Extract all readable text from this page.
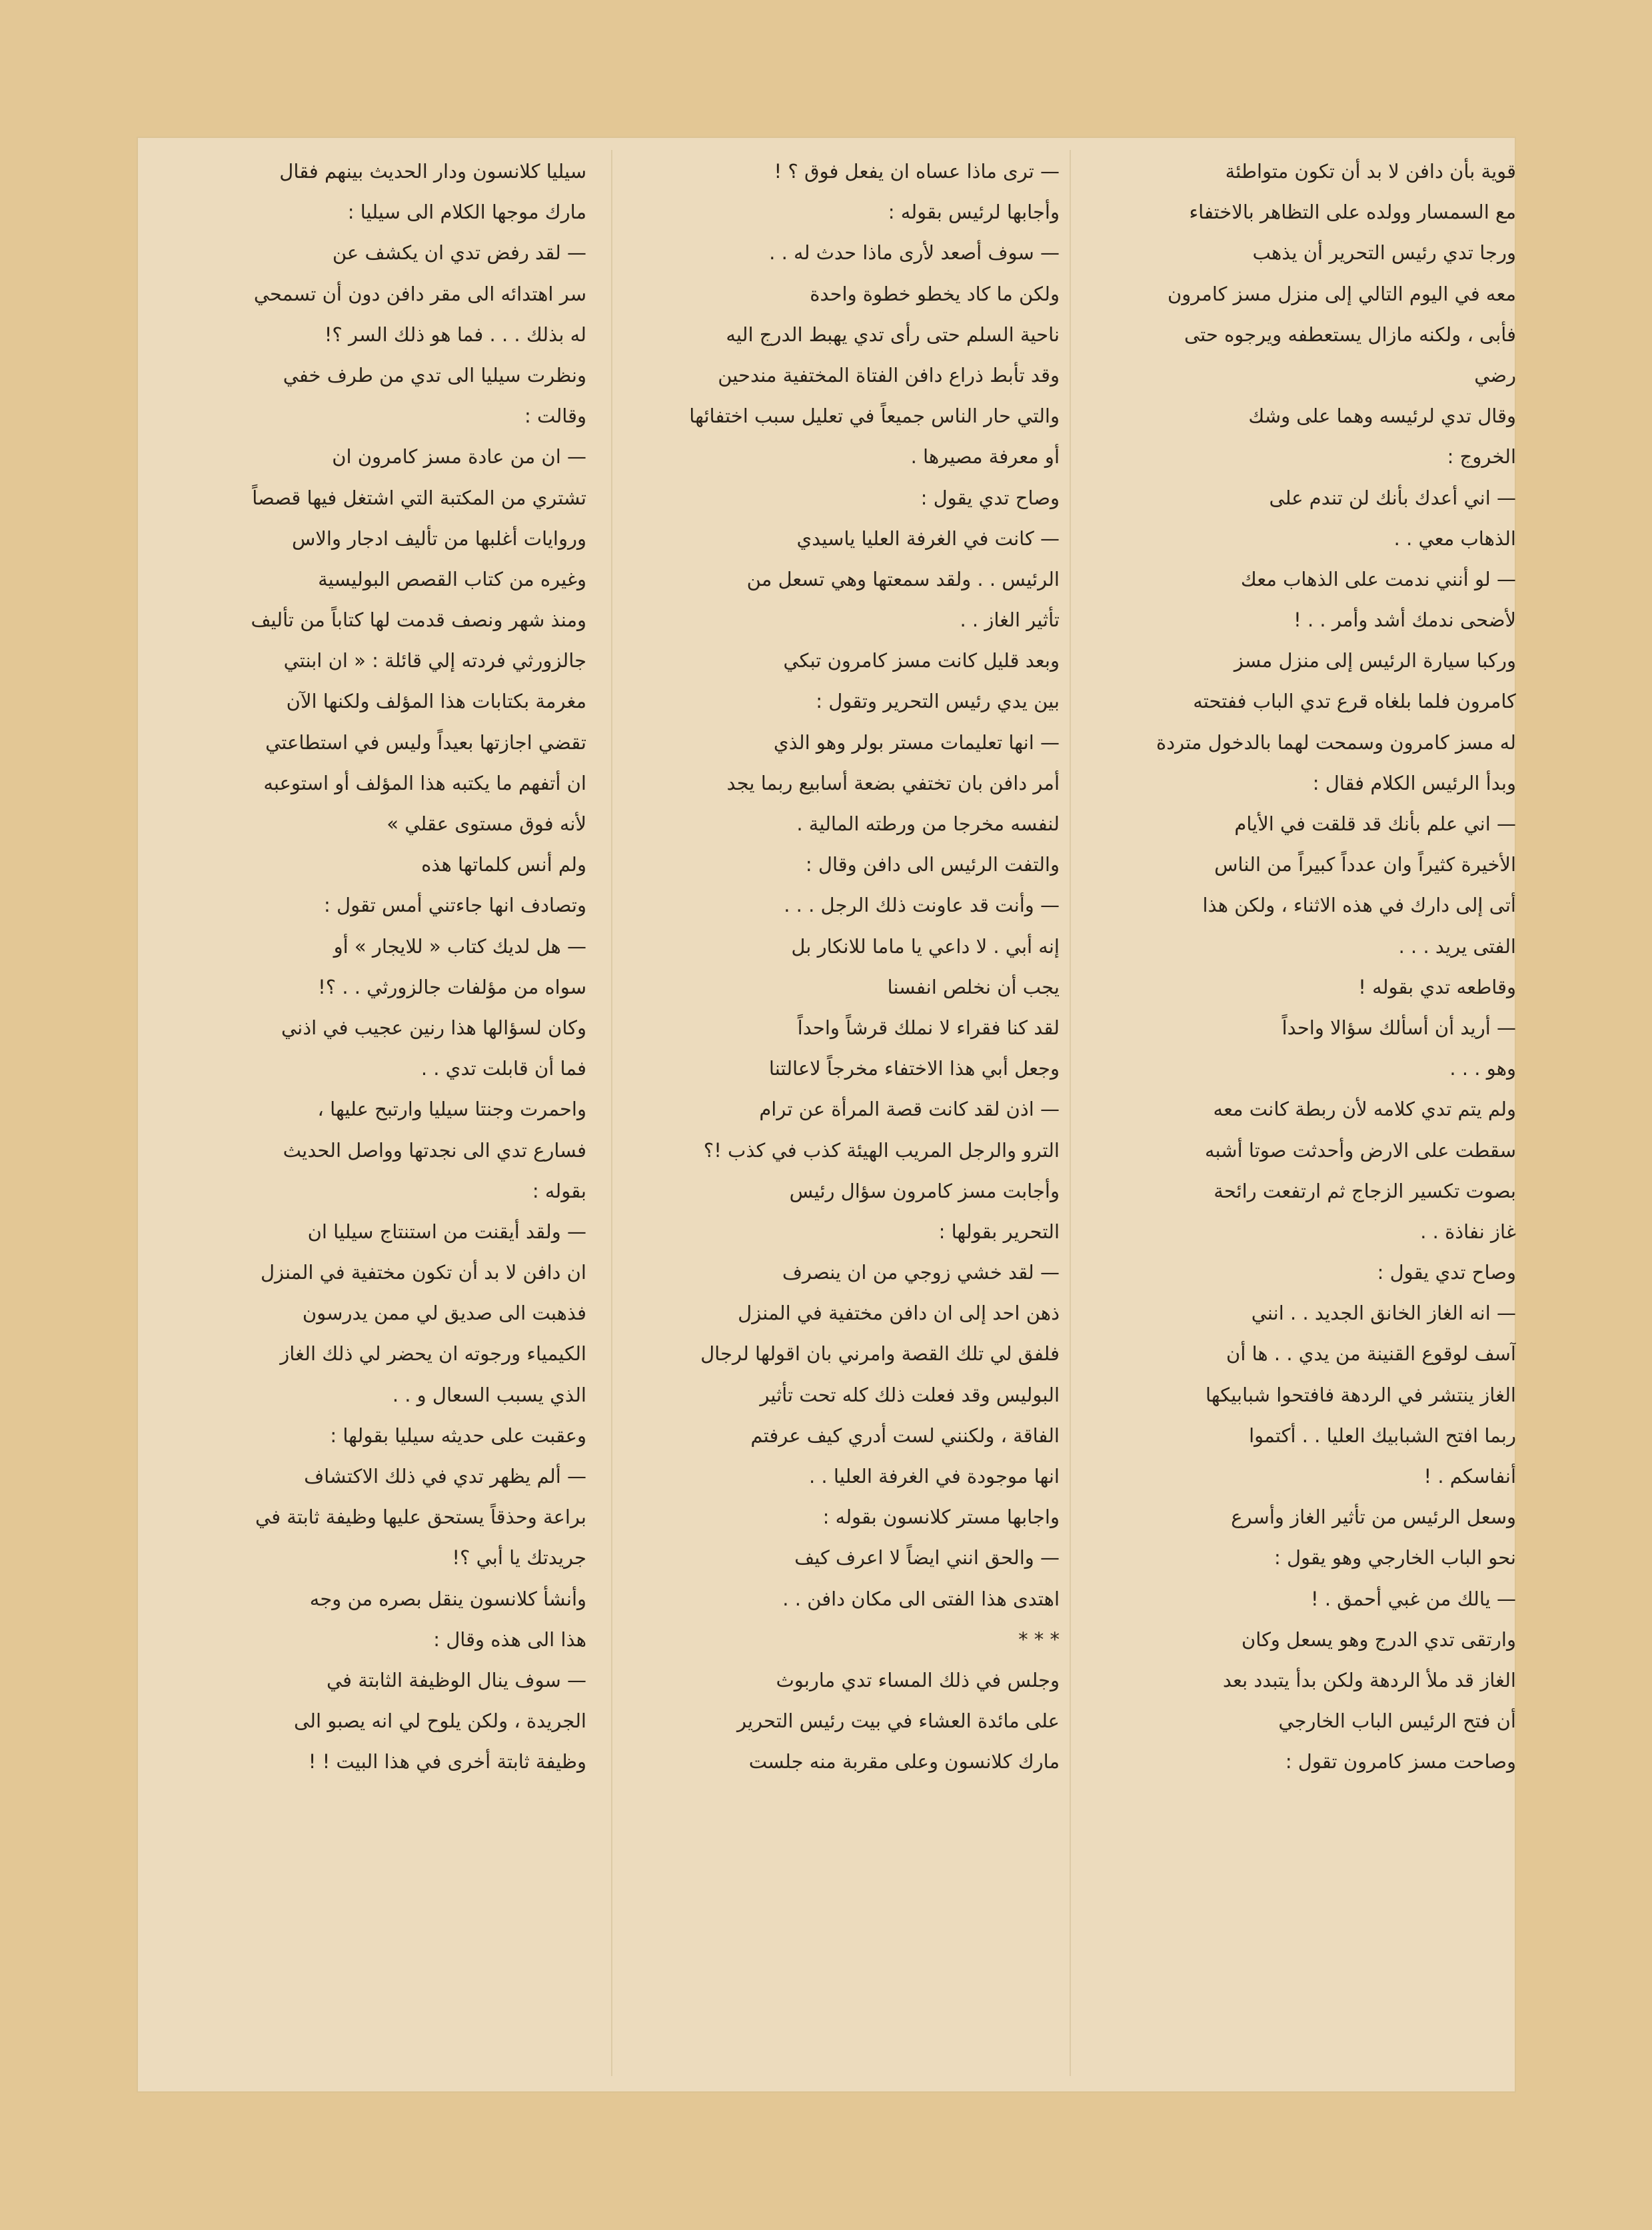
قوية بأن دافن لا بد أن تكون متواطئة
مع السمسار وولده على التظاهر بالاختفاء
ورجا تدي رئيس التحرير أن يذهب
معه في اليوم التالي إلى منزل مسز كامرون
فأبى ، ولكنه مازال يستعطفه ويرجوه حتى
رضي
وقال تدي لرئيسه وهما على وشك
الخروج :
— اني أعدك بأنك لن تندم على
الذهاب معي . .
— لو أنني ندمت على الذهاب معك
لأضحى ندمك أشد وأمر . . !
وركبا سيارة الرئيس إلى منزل مسز
كامرون فلما بلغاه قرع تدي الباب ففتحته
له مسز كامرون وسمحت لهما بالدخول متردة
وبدأ الرئيس الكلام فقال :
— اني علم بأنك قد قلقت في الأيام
الأخيرة كثيراً وان عدداً كبيراً من الناس
أتى إلى دارك في هذه الاثناء ، ولكن هذا
الفتى يريد . . .
وقاطعه تدي بقوله !
— أريد أن أسألك سؤالا واحداً
وهو . . .
ولم يتم تدي كلامه لأن ربطة كانت معه
سقطت على الارض وأحدثت صوتا أشبه
بصوت تكسير الزجاج ثم ارتفعت رائحة
غاز نفاذة . .
وصاح تدي يقول :
— انه الغاز الخانق الجديد . . انني
آسف لوقوع القنينة من يدي . . ها أن
الغاز ينتشر في الردهة فافتحوا شبابيكها
ربما افتح الشبابيك العليا . . أكتموا
أنفاسكم . !
وسعل الرئيس من تأثير الغاز وأسرع
نحو الباب الخارجي وهو يقول :
— يالك من غبي أحمق . !
وارتقى تدي الدرج وهو يسعل وكان
الغاز قد ملأ الردهة ولكن بدأ يتبدد بعد
أن فتح الرئيس الباب الخارجي
وصاحت مسز كامرون تقول :
— ترى ماذا عساه ان يفعل فوق ؟ !
وأجابها لرئيس بقوله :
— سوف أصعد لأرى ماذا حدث له . .
ولكن ما كاد يخطو خطوة واحدة
ناحية السلم حتى رأى تدي يهبط الدرج اليه
وقد تأبط ذراع دافن الفتاة المختفية مندحين
والتي حار الناس جميعاً في تعليل سبب اختفائها
أو معرفة مصيرها .
وصاح تدي يقول :
— كانت في الغرفة العليا ياسيدي
الرئيس . . ولقد سمعتها وهي تسعل من
تأثير الغاز . .
وبعد قليل كانت مسز كامرون تبكي
بين يدي رئيس التحرير وتقول :
— انها تعليمات مستر بولر وهو الذي
أمر دافن بان تختفي بضعة أسابيع ربما يجد
لنفسه مخرجا من ورطته المالية .
والتفت الرئيس الى دافن وقال :
— وأنت قد عاونت ذلك الرجل . . .
إنه أبي . لا داعي يا ماما للانكار بل
يجب أن نخلص انفسنا
لقد كنا فقراء لا نملك قرشاً واحداً
وجعل أبي هذا الاختفاء مخرجاً لاعالتنا
— اذن لقد كانت قصة المرأة عن ترام
الترو والرجل المريب الهيئة كذب في كذب !؟
وأجابت مسز كامرون سؤال رئيس
التحرير بقولها :
— لقد خشي زوجي من ان ينصرف
ذهن احد إلى ان دافن مختفية في المنزل
فلفق لي تلك القصة وامرني بان اقولها لرجال
البوليس وقد فعلت ذلك كله تحت تأثير
الفاقة ، ولكنني لست أدري كيف عرفتم
انها موجودة في الغرفة العليا . .
واجابها مستر كلانسون بقوله :
— والحق انني ايضاً لا اعرف كيف
اهتدى هذا الفتى الى مكان دافن . .
* * *
وجلس في ذلك المساء تدي ماربوث
على مائدة العشاء في بيت رئيس التحرير
مارك كلانسون وعلى مقربة منه جلست
سيليا كلانسون ودار الحديث بينهم فقال
مارك موجها الكلام الى سيليا :
— لقد رفض تدي ان يكشف عن
سر اهتدائه الى مقر دافن دون أن تسمحي
له بذلك . . . فما هو ذلك السر ؟!
ونظرت سيليا الى تدي من طرف خفي
وقالت :
— ان من عادة مسز كامرون ان
تشتري من المكتبة التي اشتغل فيها قصصاً
وروايات أغلبها من تأليف ادجار والاس
وغيره من كتاب القصص البوليسية
ومنذ شهر ونصف قدمت لها كتاباً من تأليف
جالزورثي فردته إلي قائلة : « ان ابنتي
مغرمة بكتابات هذا المؤلف ولكنها الآن
تقضي اجازتها بعيداً وليس في استطاعتي
ان أتفهم ما يكتبه هذا المؤلف أو استوعبه
لأنه فوق مستوى عقلي »
ولم أنس كلماتها هذه
وتصادف انها جاءتني أمس تقول :
— هل لديك كتاب « للايجار » أو
سواه من مؤلفات جالزورثي . . ؟!
وكان لسؤالها هذا رنين عجيب في اذني
فما أن قابلت تدي . .
واحمرت وجنتا سيليا وارتبح عليها ،
فسارع تدي الى نجدتها وواصل الحديث
بقوله :
— ولقد أيقنت من استنتاج سيليا ان
ان دافن لا بد أن تكون مختفية في المنزل
فذهبت الى صديق لي ممن يدرسون
الكيمياء ورجوته ان يحضر لي ذلك الغاز
الذي يسبب السعال و . .
وعقبت على حديثه سيليا بقولها :
— ألم يظهر تدي في ذلك الاكتشاف
براعة وحذقاً يستحق عليها وظيفة ثابتة في
جريدتك يا أبي ؟!
وأنشأ كلانسون ينقل بصره من وجه
هذا الى هذه وقال :
— سوف ينال الوظيفة الثابتة في
الجريدة ، ولكن يلوح لي انه يصبو الى
وظيفة ثابتة أخرى في هذا البيت ! !
